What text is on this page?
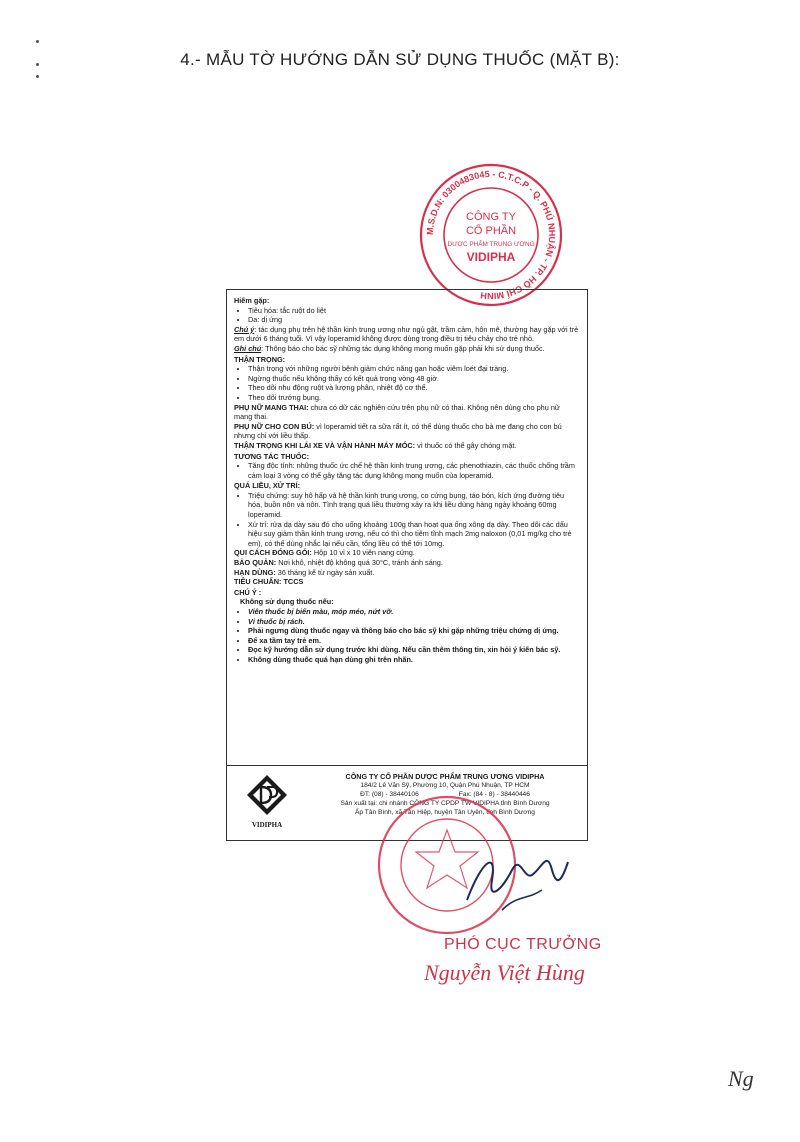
4.- MẪU TỜ HƯỚNG DẪN SỬ DỤNG THUỐC (MẶT B):
M.S.D.N: 0300483045 - C.T.C.P - Q. PHÚ NHUẬN - TP. HỒ CHÍ MINH
CÔNG TY
CỔ PHẦN
DƯỢC PHẨM TRUNG ƯƠNG
VIDIPHA
Hiếm gặp:
• Tiêu hóa: tắc ruột do liệt
• Da: dị ứng

Chú ý: tác dụng phụ trên hệ thần kinh trung ương như ngủ gật, trầm cảm, hôn mê, thường hay gặp với trẻ em dưới 6 tháng tuổi. Vì vậy loperamid không được dùng trong điều trị tiêu chảy cho trẻ nhỏ.

Ghi chú: Thông báo cho bác sỹ những tác dụng không mong muốn gặp phải khi sử dụng thuốc.

THẬN TRỌNG:
• Thận trọng với những người bệnh giảm chức năng gan hoặc viêm loét đại tràng.
• Ngừng thuốc nếu không thấy có kết quả trong vòng 48 giờ.
• Theo dõi nhu động ruột và lượng phân, nhiệt độ cơ thể.
• Theo dõi trướng bụng.

PHỤ NỮ MANG THAI: chưa có dữ các nghiên cứu trên phụ nữ có thai. Không nên dùng cho phụ nữ mang thai.

PHỤ NỮ CHO CON BÚ: vì loperamid tiết ra sữa rất ít, có thể dùng thuốc cho bà mẹ đang cho con bú nhưng chỉ với liều thấp.

THẬN TRỌNG KHI LÁI XE VÀ VẬN HÀNH MÁY MÓC: vì thuốc có thể gây chóng mặt.

TƯƠNG TÁC THUỐC:
• Tăng độc tính: những thuốc ức chế hệ thần kinh trung ương, các phenothiazin, các thuốc chống trầm cảm loại 3 vòng có thể gây tăng tác dụng không mong muốn của loperamid.
QUÁ LIỀU, XỬ TRÍ:
• Triệu chứng: suy hô hấp và hệ thần kinh trung ương, co cứng bụng, táo bón, kích ứng đường tiêu hóa, buồn nôn và nôn. Tình trạng quá liều thường xảy ra khi liều dùng hàng ngày khoảng 60mg loperamid.
• Xử trí: rửa dạ dày sau đó cho uống khoảng 100g than hoạt qua ống xông dạ dày. Theo dõi các dấu hiệu suy giảm thần kinh trung ương, nếu có thì cho tiêm tĩnh mạch 2mg naloxon (0,01 mg/kg cho trẻ em), có thể dùng nhắc lại nếu cần, tổng liều có thể tới 10mg.

QUI CÁCH ĐÓNG GÓI: Hộp 10 vỉ x 10 viên nang cứng.

BẢO QUẢN: Nơi khô, nhiệt độ không quá 30°C, tránh ánh sáng.

HẠN DÙNG: 36 tháng kể từ ngày sản xuất.

TIÊU CHUẨN: TCCS

CHÚ Ý :

Không sử dụng thuốc nếu:

• Viên thuốc bị biến màu, móp méo, nứt vỡ.
• Vỉ thuốc bị rách.
• Phải ngưng dùng thuốc ngay và thông báo cho bác sỹ khi gặp những triệu chứng dị ứng.
• Để xa tầm tay trẻ em.
• Đọc kỹ hướng dẫn sử dụng trước khi dùng. Nếu cần thêm thông tin, xin hỏi ý kiến bác sỹ.
• Không dùng thuốc quá hạn dùng ghi trên nhãn.
VIDIPHA
CÔNG TY CỔ PHẦN DƯỢC PHẨM TRUNG ƯƠNG VIDIPHA
184/2 Lê Văn Sỹ, Phường 10, Quận Phú Nhuận, TP HCM
ĐT: (08) - 38440106	Fax: (84 - 8) - 38440446
Sản xuất tại: chi nhánh CÔNG TY CPDP TW VIDIPHA tỉnh Bình Dương
Ấp Tân Bình, xã Tân Hiệp, huyện Tân Uyên, tỉnh Bình Dương
PHÓ CỤC TRƯỞNG
Nguyễn Việt Hùng
Ng
